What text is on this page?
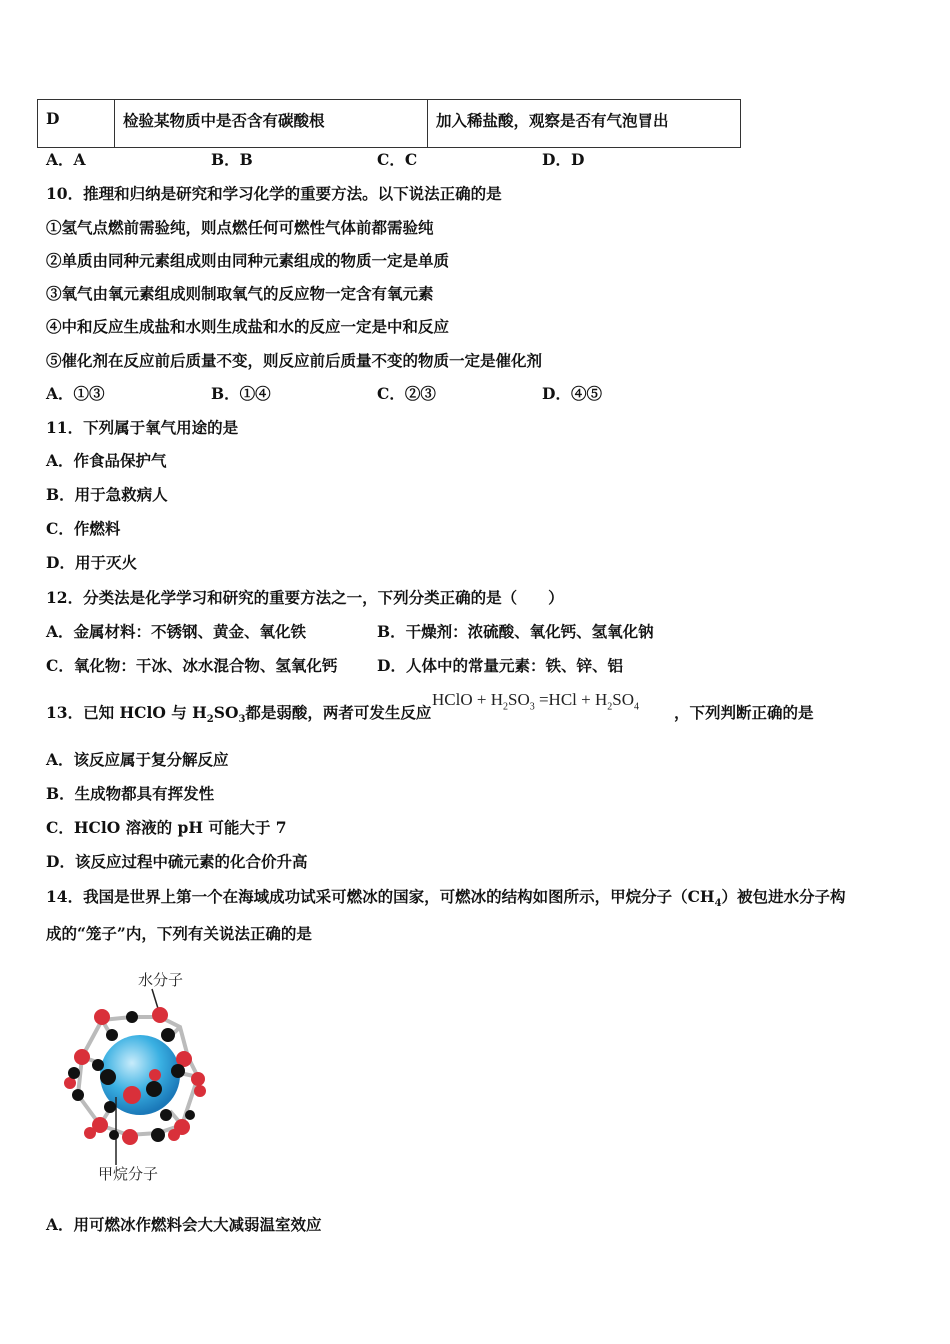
D	检验某物质中是否含有碳酸根	加入稀盐酸，观察是否有气泡冒出
A．A	B．B	C．C	D．D
10．推理和归纳是研究和学习化学的重要方法。以下说法正确的是
①氢气点燃前需验纯，则点燃任何可燃性气体前都需验纯
②单质由同种元素组成则由同种元素组成的物质一定是单质
③氧气由氧元素组成则制取氧气的反应物一定含有氧元素
④中和反应生成盐和水则生成盐和水的反应一定是中和反应
⑤催化剂在反应前后质量不变，则反应前后质量不变的物质一定是催化剂
A．①③	B．①④	C．②③	D．④⑤
11．下列属于氧气用途的是
A．作食品保护气
B．用于急救病人
C．作燃料
D．用于灭火
12．分类法是化学学习和研究的重要方法之一，下列分类正确的是（　　）
A．金属材料：不锈钢、黄金、氧化铁	B．干燥剂：浓硫酸、氧化钙、氢氧化钠
C．氧化物：干冰、冰水混合物、氢氧化钙	D．人体中的常量元素：铁、锌、铝
13．已知 HClO 与 $H_2SO_3$都是弱酸，两者可发生反应
HClO + $H_2SO_3 =HCl + H_2SO_4$ ，下列判断正确的是
A．该反应属于复分解反应
B．生成物都具有挥发性
C．HClO 溶液的 pH 可能大于 7
D．该反应过程中硫元素的化合价升高
14．我国是世界上第一个在海域成功试采可燃冰的国家，可燃冰的结构如图所示，甲烷分子$(CH_4)$被包进水分子构
成的“笼子”内，下列有关说法正确的是
水分子
甲烷分子
A．用可燃冰作燃料会大大减弱温室效应
